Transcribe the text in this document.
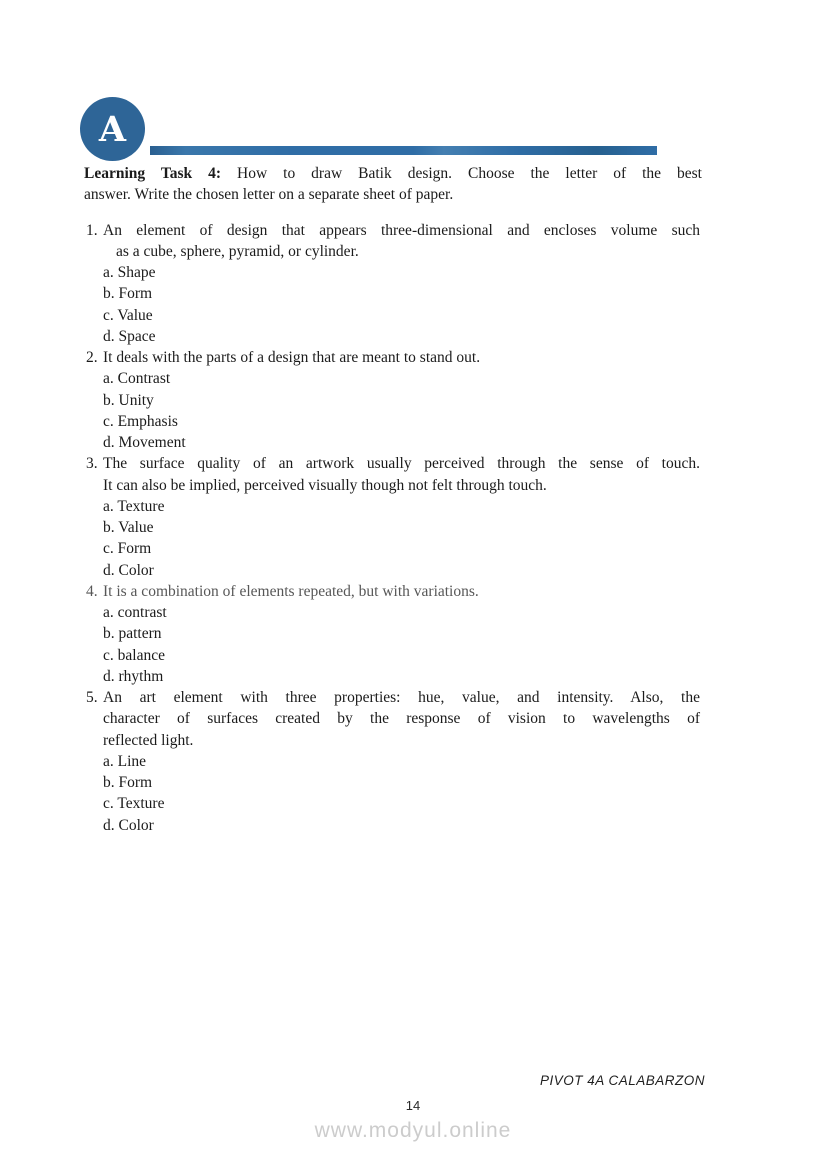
A
Learning Task 4: How to draw Batik design. Choose the letter of the best
answer. Write the chosen letter on a separate sheet of paper.
1. An element of design that appears three-dimensional and encloses volume such
as a cube, sphere, pyramid, or cylinder.
a. Shape
b. Form
c. Value
d. Space
2. It deals with the parts of a design that are meant to stand out.
a. Contrast
b. Unity
c. Emphasis
d. Movement
3. The surface quality of an artwork usually perceived through the sense of touch.
It can also be implied, perceived visually though not felt through touch.
a. Texture
b. Value
c. Form
d. Color
4. It is a combination of elements repeated, but with variations.
a. contrast
b. pattern
c. balance
d. rhythm
5. An art element with three properties: hue, value, and intensity. Also, the
character of surfaces created by the response of vision to wavelengths of
reflected light.
a. Line
b. Form
c. Texture
d. Color
PIVOT 4A CALABARZON
14
www.modyul.online
